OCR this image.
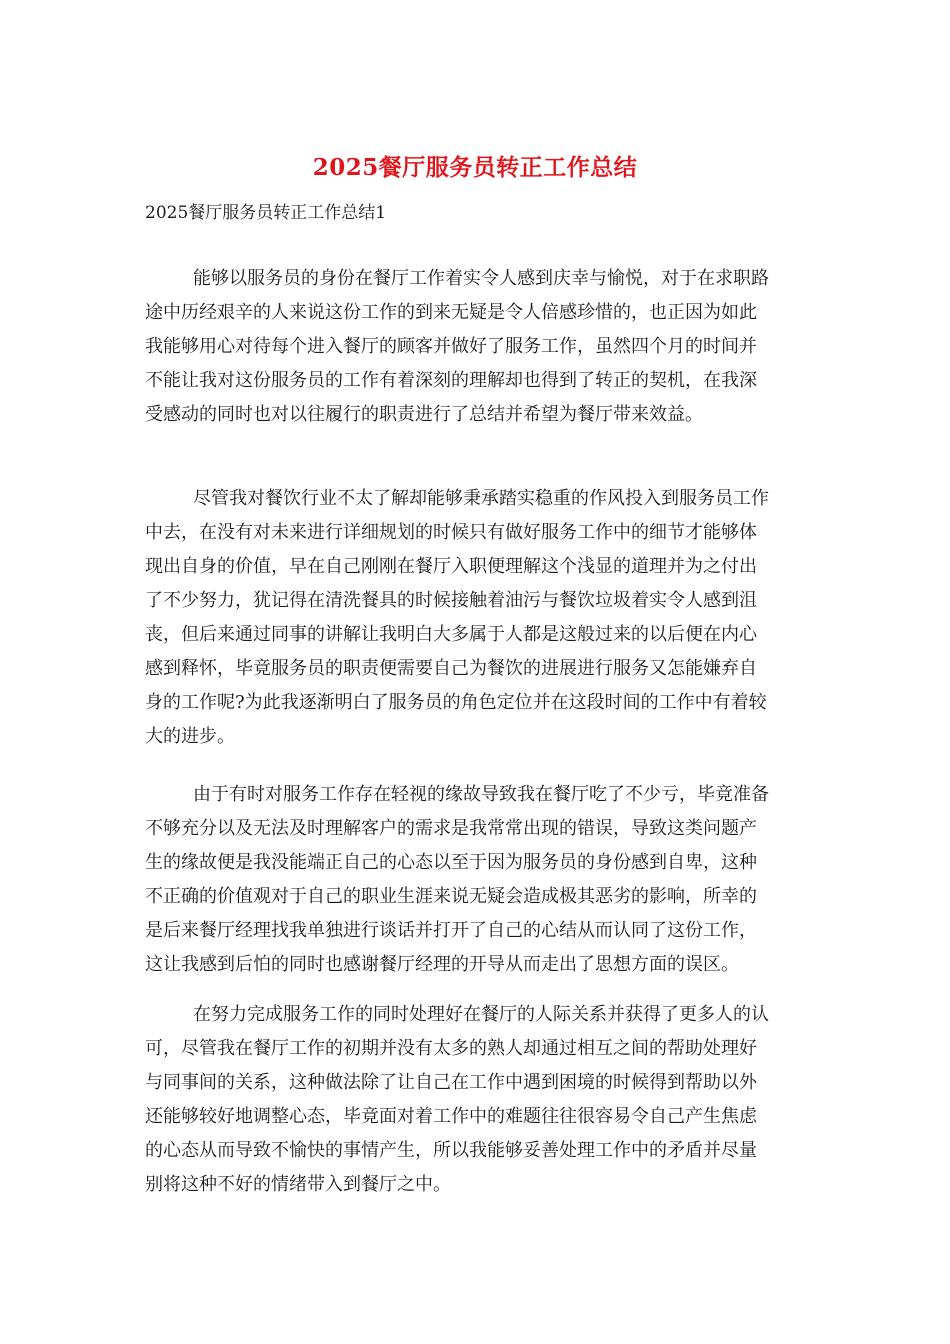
2025餐厅服务员转正工作总结
2025餐厅服务员转正工作总结1
能够以服务员的身份在餐厅工作着实令人感到庆幸与愉悦，对于在求职路
途中历经艰辛的人来说这份工作的到来无疑是令人倍感珍惜的，也正因为如此
我能够用心对待每个进入餐厅的顾客并做好了服务工作，虽然四个月的时间并
不能让我对这份服务员的工作有着深刻的理解却也得到了转正的契机，在我深
受感动的同时也对以往履行的职责进行了总结并希望为餐厅带来效益。
尽管我对餐饮行业不太了解却能够秉承踏实稳重的作风投入到服务员工作
中去，在没有对未来进行详细规划的时候只有做好服务工作中的细节才能够体
现出自身的价值，早在自己刚刚在餐厅入职便理解这个浅显的道理并为之付出
了不少努力，犹记得在清洗餐具的时候接触着油污与餐饮垃圾着实令人感到沮
丧，但后来通过同事的讲解让我明白大多属于人都是这般过来的以后便在内心
感到释怀，毕竟服务员的职责便需要自己为餐饮的进展进行服务又怎能嫌弃自
身的工作呢?为此我逐渐明白了服务员的角色定位并在这段时间的工作中有着较
大的进步。
由于有时对服务工作存在轻视的缘故导致我在餐厅吃了不少亏，毕竟准备
不够充分以及无法及时理解客户的需求是我常常出现的错误，导致这类问题产
生的缘故便是我没能端正自己的心态以至于因为服务员的身份感到自卑，这种
不正确的价值观对于自己的职业生涯来说无疑会造成极其恶劣的影响，所幸的
是后来餐厅经理找我单独进行谈话并打开了自己的心结从而认同了这份工作，
这让我感到后怕的同时也感谢餐厅经理的开导从而走出了思想方面的误区。
在努力完成服务工作的同时处理好在餐厅的人际关系并获得了更多人的认
可，尽管我在餐厅工作的初期并没有太多的熟人却通过相互之间的帮助处理好
与同事间的关系，这种做法除了让自己在工作中遇到困境的时候得到帮助以外
还能够较好地调整心态，毕竟面对着工作中的难题往往很容易令自己产生焦虑
的心态从而导致不愉快的事情产生，所以我能够妥善处理工作中的矛盾并尽量
别将这种不好的情绪带入到餐厅之中。
